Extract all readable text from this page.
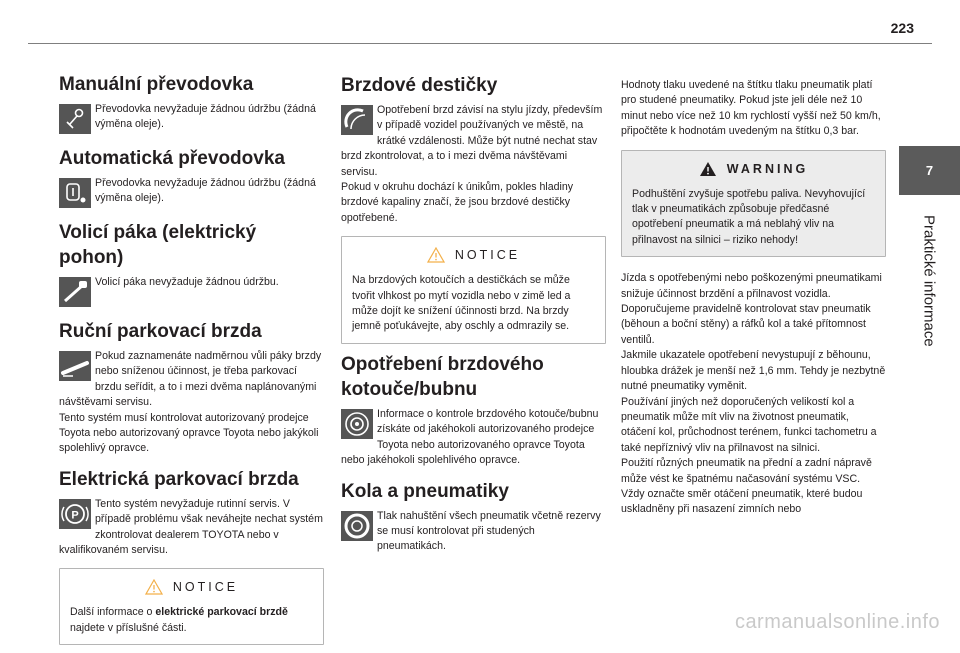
223
7
Praktické informace
Manuální převodovka

Převodovka nevyžaduje žádnou údržbu (žádná výměna oleje).

Automatická převodovka

Převodovka nevyžaduje žádnou údržbu (žádná výměna oleje).

Volicí páka (elektrický pohon)

Volicí páka nevyžaduje žádnou údržbu.

Ruční parkovací brzda

Pokud zaznamenáte nadměrnou vůli páky brzdy nebo sníženou účinnost, je třeba parkovací brzdu seřídit, a to i mezi dvěma naplánovanými návštěvami servisu.
Tento systém musí kontrolovat autorizovaný prodejce Toyota nebo autorizovaný opravce Toyota nebo jakýkoli spolehlivý opravce.

Elektrická parkovací brzda
P

Tento systém nevyžaduje rutinní servis. V případě problému však neváhejte nechat systém zkontrolovat dealerem TOYOTA nebo v kvalifikovaném servisu.

NOTICE
Další informace o elektrické parkovací brzdě najdete v příslušné části.
Brzdové destičky

Opotřebení brzd závisí na stylu jízdy, především v případě vozidel používaných ve městě, na krátké vzdálenosti. Může být nutné nechat stav brzd zkontrolovat, a to i mezi dvěma návštěvami servisu.
Pokud v okruhu dochází k únikům, pokles hladiny brzdové kapaliny značí, že jsou brzdové destičky opotřebené.

NOTICE
Na brzdových kotoučích a destičkách se může tvořit vlhkost po mytí vozidla nebo v zimě led a může dojít ke snížení účinnosti brzd. Na brzdy jemně poťukávejte, aby oschly a odmrazily se.
Opotřebení brzdového kotouče/bubnu

Informace o kontrole brzdového kotouče/bubnu získáte od jakéhokoli autorizovaného prodejce Toyota nebo autorizovaného opravce Toyota nebo jakéhokoli spolehlivého opravce.

Kola a pneumatiky

Tlak nahuštění všech pneumatik včetně rezervy se musí kontrolovat při studených pneumatikách.

Hodnoty tlaku uvedené na štítku tlaku pneumatik platí pro studené pneumatiky. Pokud jste jeli déle než 10 minut nebo více než 10 km rychlostí vyšší než 50 km/h, připočtěte k hodnotám uvedeným na štítku 0,3 bar.
WARNING
Podhuštění zvyšuje spotřebu paliva. Nevyhovující tlak v pneumatikách způsobuje předčasné opotřebení pneumatik a má neblahý vliv na přilnavost na silnici – riziko nehody!
Jízda s opotřebenými nebo poškozenými pneumatikami snižuje účinnost brzdění a přilnavost vozidla. Doporučujeme pravidelně kontrolovat stav pneumatik (běhoun a boční stěny) a ráfků kol a také přítomnost ventilů.
Jakmile ukazatele opotřebení nevystupují z běhounu, hloubka drážek je menší než 1,6 mm. Tehdy je nezbytně nutné pneumatiky vyměnit.
Používání jiných než doporučených velikostí kol a pneumatik může mít vliv na životnost pneumatik, otáčení kol, průchodnost terénem, funkci tachometru a také nepříznivý vliv na přilnavost na silnici.
Použití různých pneumatik na přední a zadní nápravě může vést ke špatnému načasování systému VSC.
Vždy označte směr otáčení pneumatik, které budou uskladněny při nasazení zimních nebo
carmanualsonline.info
